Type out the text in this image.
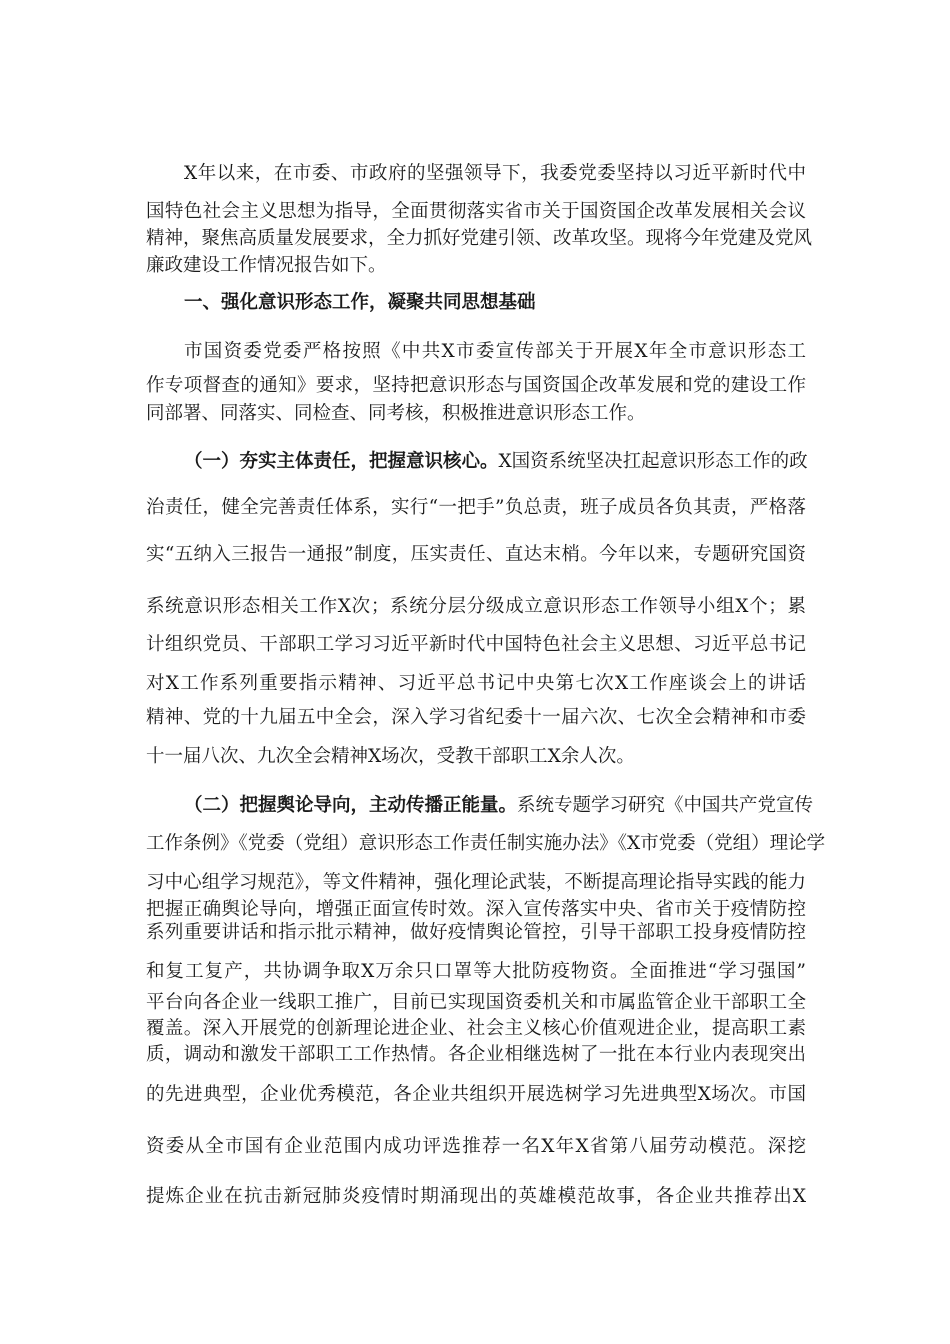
X年以来，在市委、市政府的坚强领导下，我委党委坚持以习近平新时代中
国特色社会主义思想为指导，全面贯彻落实省市关于国资国企改革发展相关会议
精神，聚焦高质量发展要求，全力抓好党建引领、改革攻坚。现将今年党建及党风
廉政建设工作情况报告如下。
一、强化意识形态工作，凝聚共同思想基础
市国资委党委严格按照《中共X市委宣传部关于开展X年全市意识形态工
作专项督查的通知》要求，坚持把意识形态与国资国企改革发展和党的建设工作
同部署、同落实、同检查、同考核，积极推进意识形态工作。
（一）夯实主体责任，把握意识核心。X国资系统坚决扛起意识形态工作的政
治责任，健全完善责任体系，实行“一把手”负总责，班子成员各负其责，严格落
实“五纳入三报告一通报”制度，压实责任、直达末梢。今年以来，专题研究国资
系统意识形态相关工作X次；系统分层分级成立意识形态工作领导小组X个；累
计组织党员、干部职工学习习近平新时代中国特色社会主义思想、习近平总书记
对X工作系列重要指示精神、习近平总书记中央第七次X工作座谈会上的讲话
精神、党的十九届五中全会，深入学习省纪委十一届六次、七次全会精神和市委
十一届八次、九次全会精神X场次，受教干部职工X余人次。
（二）把握舆论导向，主动传播正能量。系统专题学习研究《中国共产党宣传
工作条例》《党委（党组）意识形态工作责任制实施办法》《X市党委（党组）理论学
习中心组学习规范》，等文件精神，强化理论武装，不断提高理论指导实践的能力
把握正确舆论导向，增强正面宣传时效。深入宣传落实中央、省市关于疫情防控
系列重要讲话和指示批示精神，做好疫情舆论管控，引导干部职工投身疫情防控
和复工复产，共协调争取X万余只口罩等大批防疫物资。全面推进“学习强国”
平台向各企业一线职工推广，目前已实现国资委机关和市属监管企业干部职工全
覆盖。深入开展党的创新理论进企业、社会主义核心价值观进企业，提高职工素
质，调动和激发干部职工工作热情。各企业相继选树了一批在本行业内表现突出
的先进典型，企业优秀模范，各企业共组织开展选树学习先进典型X场次。市国
资委从全市国有企业范围内成功评选推荐一名X年X省第八届劳动模范。深挖
提炼企业在抗击新冠肺炎疫情时期涌现出的英雄模范故事，各企业共推荐出X
